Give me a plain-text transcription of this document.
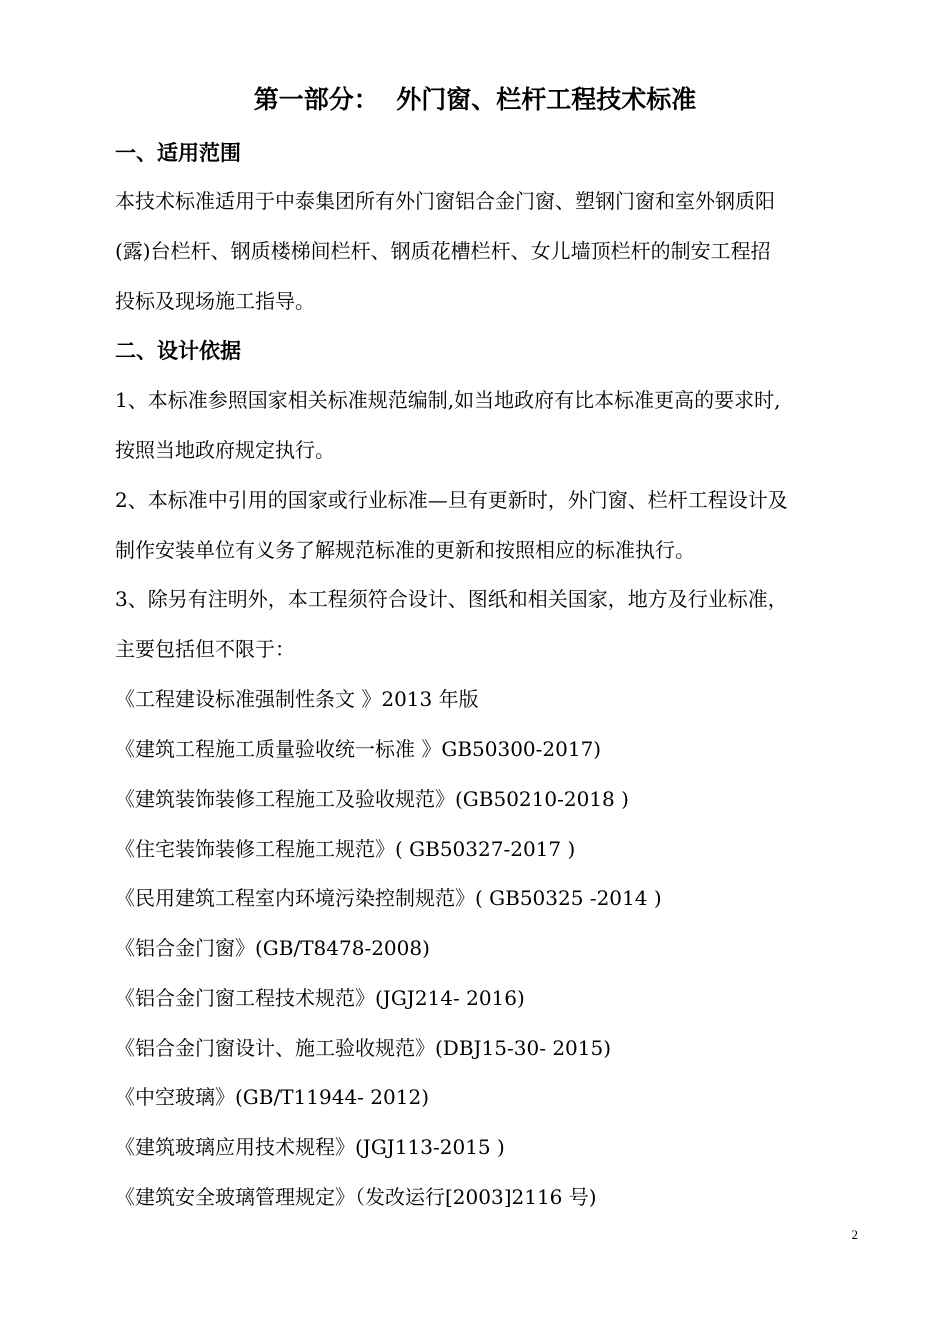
第一部分：  外门窗、栏杆工程技术标准
一、适用范围
本技术标准适用于中泰集团所有外门窗铝合金门窗、塑钢门窗和室外钢质阳
(露)台栏杆、钢质楼梯间栏杆、钢质花槽栏杆、女儿墙顶栏杆的制安工程招
投标及现场施工指导。
二、设计依据
1、本标准参照国家相关标准规范编制,如当地政府有比本标准更高的要求时,
按照当地政府规定执行。
2、本标准中引用的国家或行业标准—旦有更新时，外门窗、栏杆工程设计及
制作安装单位有义务了解规范标准的更新和按照相应的标准执行。
3、除另有注明外，本工程须符合设计、图纸和相关国家，地方及行业标准，
主要包括但不限于：
《工程建设标准强制性条文 》2013 年版
《建筑工程施工质量验收统一标准 》GB50300-2017)
《建筑装饰装修工程施工及验收规范》(GB50210-2018 )
《住宅装饰装修工程施工规范》( GB50327-2017 )
《民用建筑工程室内环境污染控制规范》( GB50325 -2014 )
《铝合金门窗》(GB/T8478-2008)
《铝合金门窗工程技术规范》(JGJ214- 2016)
《铝合金门窗设计、施工验收规范》(DBJ15-30- 2015)
《中空玻璃》(GB/T11944- 2012)
《建筑玻璃应用技术规程》(JGJ113-2015 )
《建筑安全玻璃管理规定》（发改运行[2003]2116 号)
2
